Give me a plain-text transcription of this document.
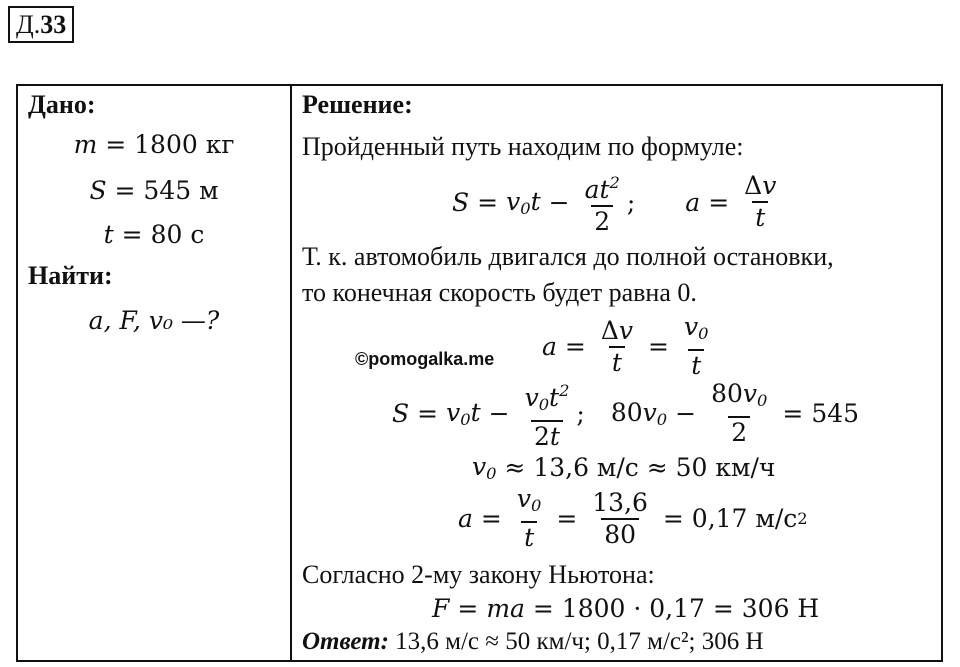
Д.33
Дано:
m = 1800 кг
S = 545 м
t = 80 с
Найти:
a, F, v₀ —?
Решение:
Пройденный путь находим по формуле:
$S = v_0t - \frac{at^2}{2}$ ; $a = \frac{\Delta v}{t}$
Т. к. автомобиль двигался до полной остановки,
то конечная скорость будет равна 0.
$a = \frac{\Delta v}{t} = \frac{v_0}{t}$
$S = v_0t - \frac{v_0t^2}{2t}$ ; $80v_0 - \frac{80v_0}{2} = 545$
$v_0$
≈ 13,6 м/с ≈ 50 км/ч
$a = \frac{v_0}{t} = \frac{13,6}{80}$
= 0,17 м/с 2
Согласно 2-му закону Ньютона:
F = ma
= 1800 · 0,17 = 306 Н
Ответ: 13,6 м/с ≈ 50 км/ч; 0,17 м/с²; 306 Н
©pomogalka.me
